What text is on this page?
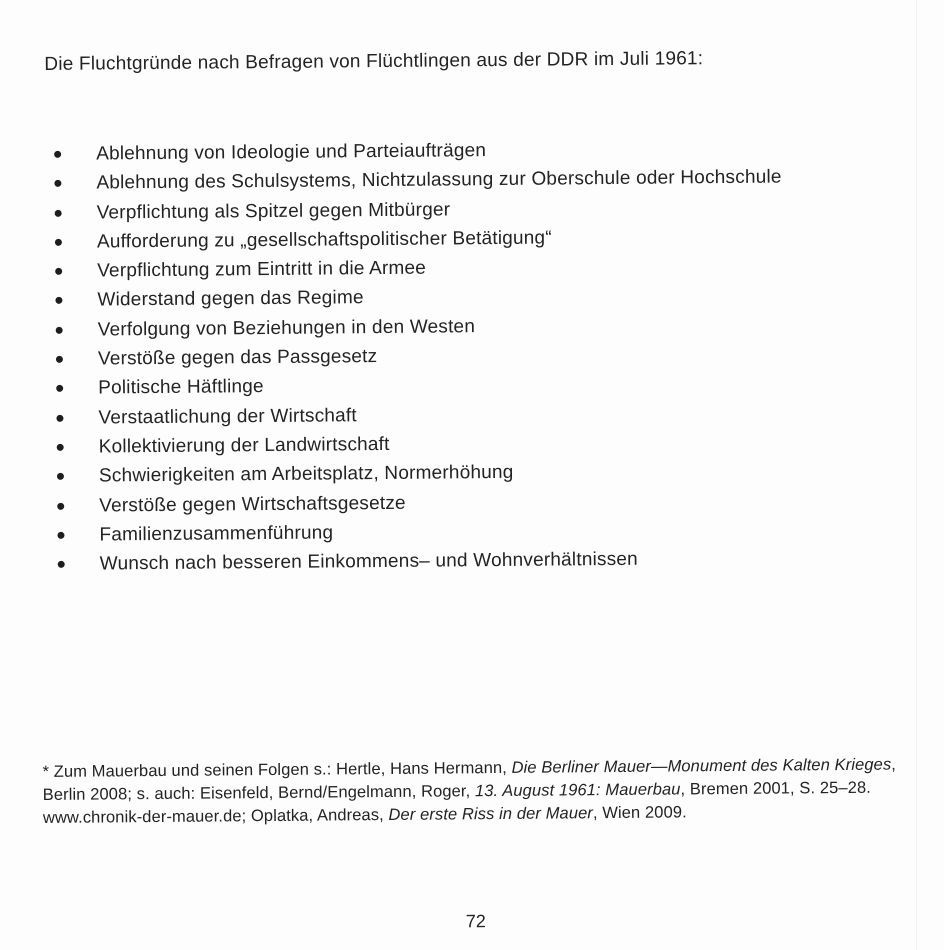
Die Fluchtgründe nach Befragen von Flüchtlingen aus der DDR im Juli 1961:
Ablehnung von Ideologie und Parteiaufträgen
Ablehnung des Schulsystems, Nichtzulassung zur Oberschule oder Hochschule
Verpflichtung als Spitzel gegen Mitbürger
Aufforderung zu „gesellschaftspolitischer Betätigung“
Verpflichtung zum Eintritt in die Armee
Widerstand gegen das Regime
Verfolgung von Beziehungen in den Westen
Verstöße gegen das Passgesetz
Politische Häftlinge
Verstaatlichung der Wirtschaft
Kollektivierung der Landwirtschaft
Schwierigkeiten am Arbeitsplatz, Normerhöhung
Verstöße gegen Wirtschaftsgesetze
Familienzusammenführung
Wunsch nach besseren Einkommens– und Wohnverhältnissen
* Zum Mauerbau und seinen Folgen s.: Hertle, Hans Hermann, Die Berliner Mauer—Monument des Kalten Krieges,
Berlin 2008; s. auch: Eisenfeld, Bernd/Engelmann, Roger, 13. August 1961: Mauerbau, Bremen 2001, S. 25–28.
www.chronik-der-mauer.de; Oplatka, Andreas, Der erste Riss in der Mauer, Wien 2009.
72
